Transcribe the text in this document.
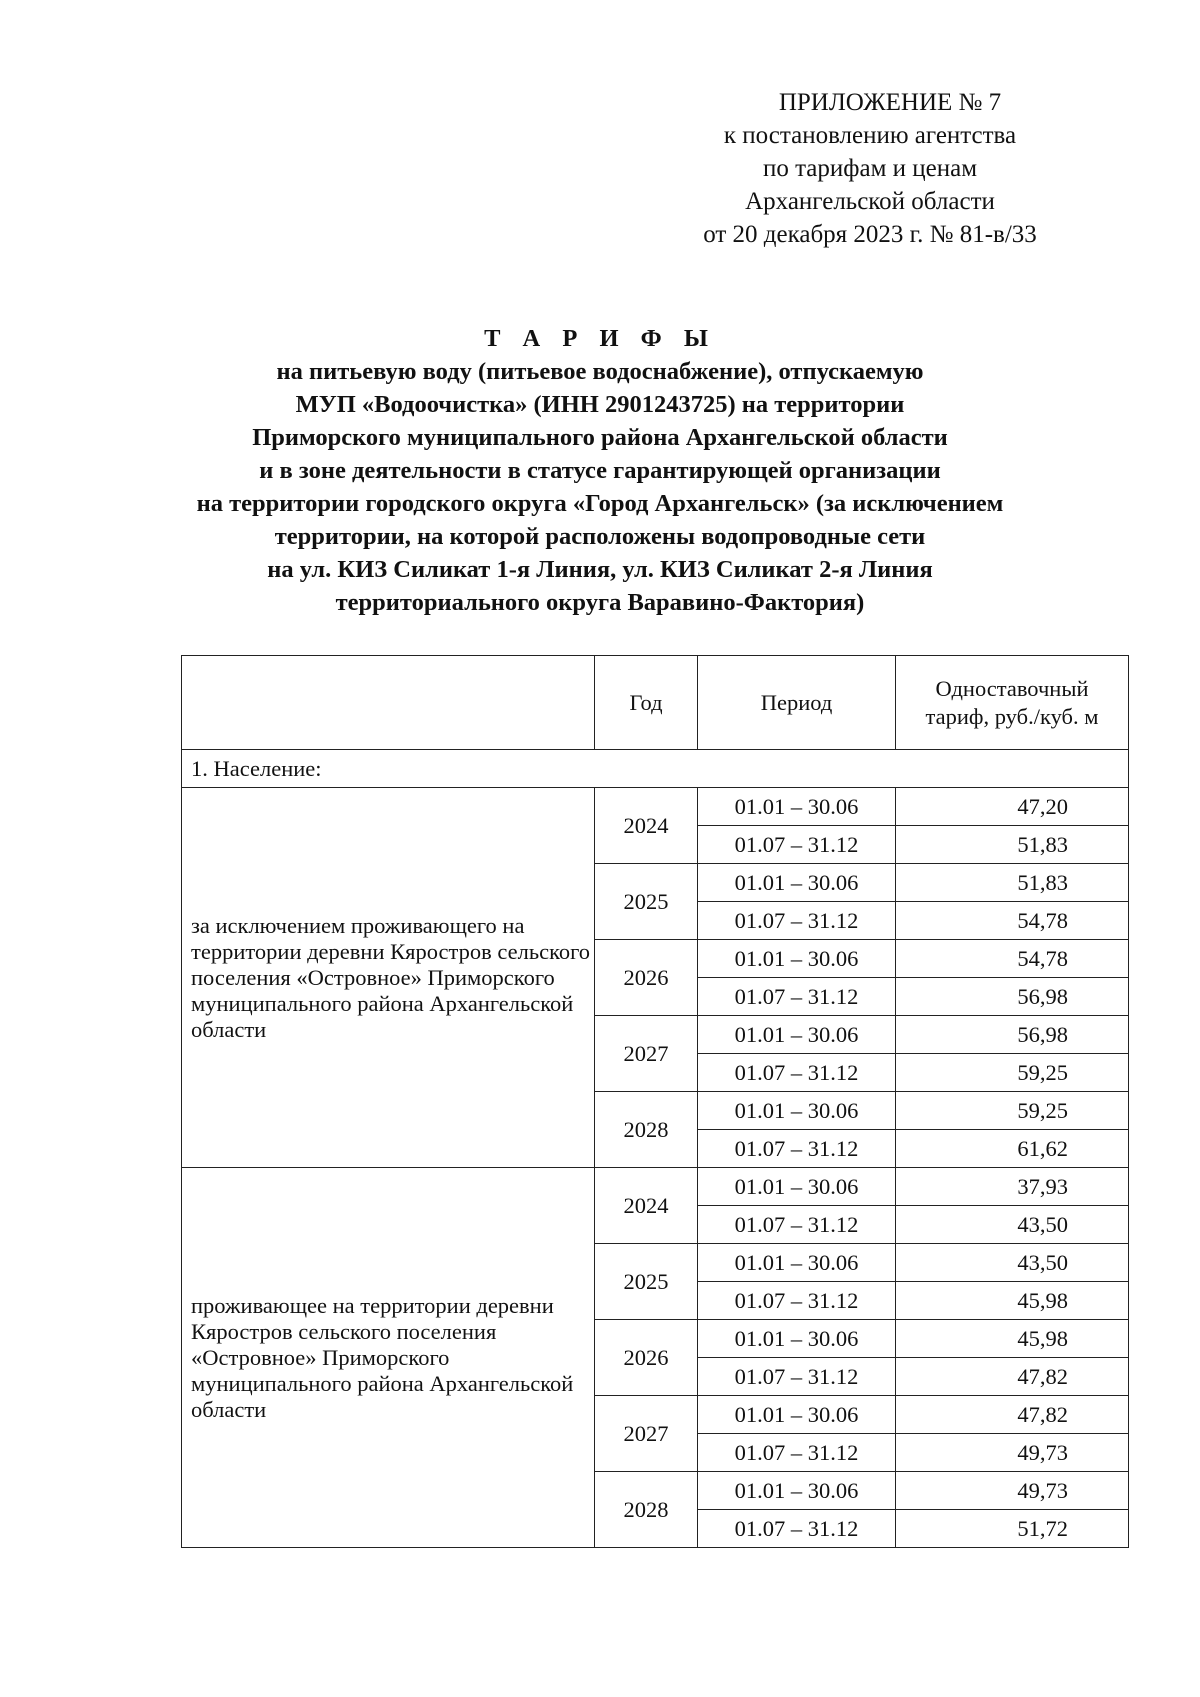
ПРИЛОЖЕНИЕ № 7
к постановлению агентства
по тарифам и ценам
Архангельской области
от 20 декабря 2023 г. № 81-в/33
Т А Р И Ф Ы
на питьевую воду (питьевое водоснабжение), отпускаемую
МУП «Водоочистка» (ИНН 2901243725) на территории
Приморского муниципального района Архангельской области
и в зоне деятельности в статусе гарантирующей организации
на территории городского округа «Город Архангельск» (за исключением
территории, на которой расположены водопроводные сети
на ул. КИЗ Силикат 1-я Линия, ул. КИЗ Силикат 2-я Линия
территориального округа Варавино-Фактория)
	Год	Период	Одноставочный
тариф, руб./куб. м

1. Население:			
за исключением проживающего на территории деревни Кяростров сельского поселения «Островное» Приморского муниципального района Архангельской области	2024	01.01 – 30.06	47,20
		01.07 – 31.12	51,83
	2025	01.01 – 30.06	51,83
		01.07 – 31.12	54,78
	2026	01.01 – 30.06	54,78
		01.07 – 31.12	56,98
	2027	01.01 – 30.06	56,98
		01.07 – 31.12	59,25
	2028	01.01 – 30.06	59,25
		01.07 – 31.12	61,62
проживающее на территории деревни Кяростров сельского поселения «Островное» Приморского муниципального района Архангельской области	2024	01.01 – 30.06	37,93
		01.07 – 31.12	43,50
	2025	01.01 – 30.06	43,50
		01.07 – 31.12	45,98
	2026	01.01 – 30.06	45,98
		01.07 – 31.12	47,82
	2027	01.01 – 30.06	47,82
		01.07 – 31.12	49,73
	2028	01.01 – 30.06	49,73
		01.07 – 31.12	51,72
